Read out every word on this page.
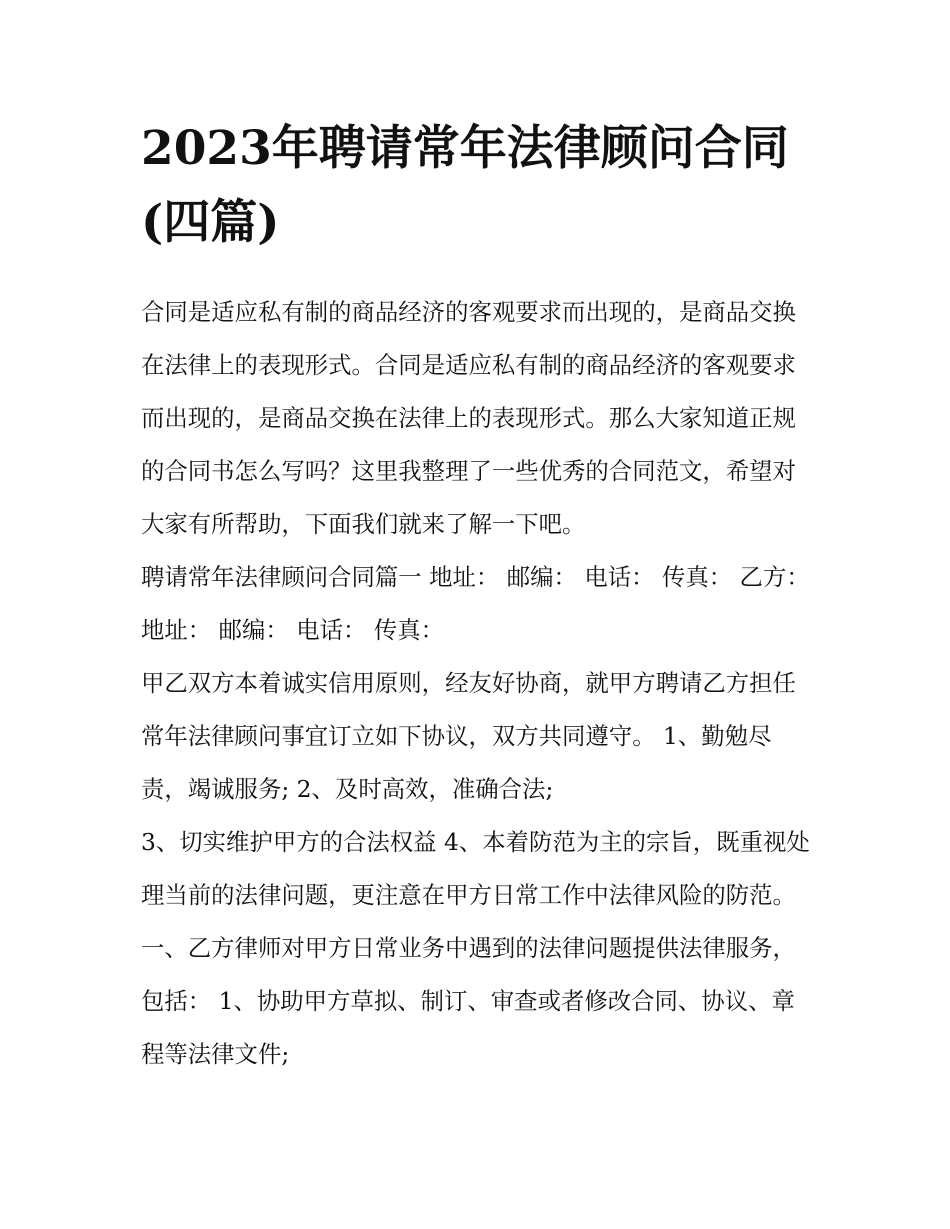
2023年聘请常年法律顾问合同(四篇)

合同是适应私有制的商品经济的客观要求而出现的，是商品交换在法律上的表现形式。合同是适应私有制的商品经济的客观要求而出现的，是商品交换在法律上的表现形式。那么大家知道正规的合同书怎么写吗？这里我整理了一些优秀的合同范文，希望对大家有所帮助，下面我们就来了解一下吧。

聘请常年法律顾问合同篇一 地址： 邮编： 电话： 传真： 乙方： 地址： 邮编： 电话： 传真：

甲乙双方本着诚实信用原则，经友好协商，就甲方聘请乙方担任常年法律顾问事宜订立如下协议，双方共同遵守。 1、勤勉尽责，竭诚服务; 2、及时高效，准确合法;

3、切实维护甲方的合法权益 4、本着防范为主的宗旨，既重视处理当前的法律问题，更注意在甲方日常工作中法律风险的防范。

一、乙方律师对甲方日常业务中遇到的法律问题提供法律服务，包括： 1、协助甲方草拟、制订、审查或者修改合同、协议、章程等法律文件;
